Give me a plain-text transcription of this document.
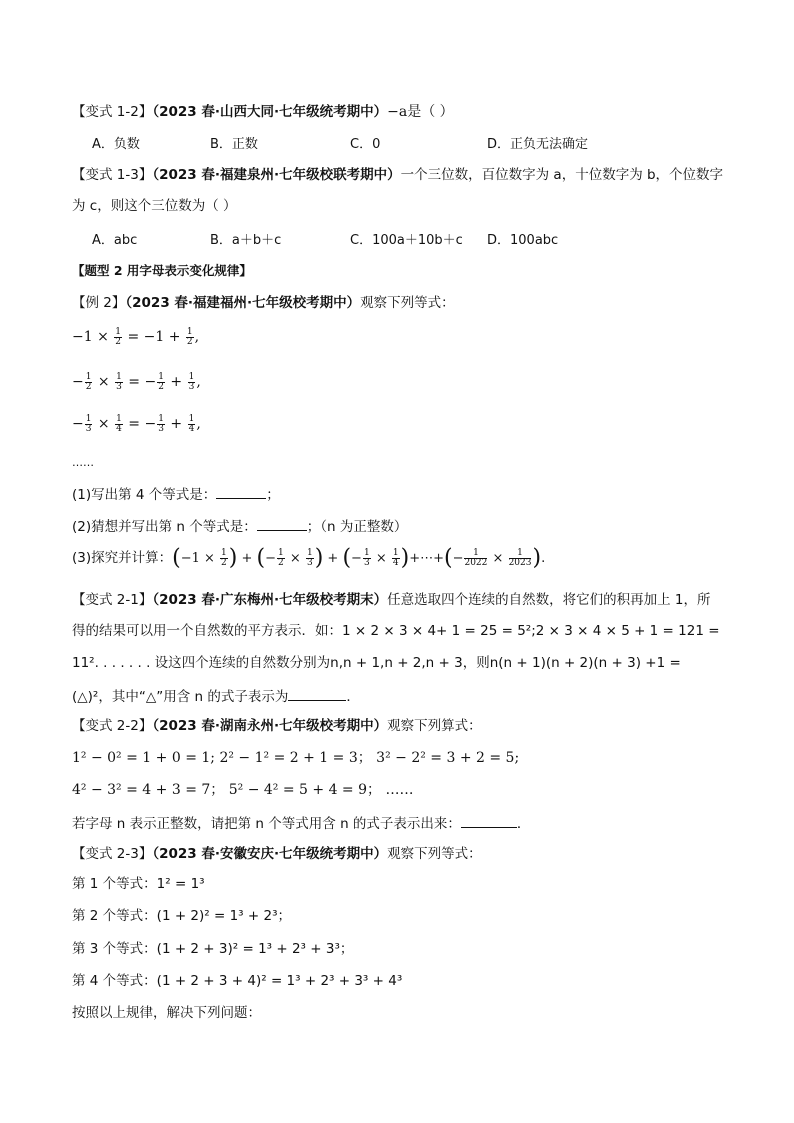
【变式 1-2】（2023 春·山西大同·七年级统考期中）−a是（ ）
A．负数	B．正数	C．0	D．正负无法确定
【变式 1-3】（2023 春·福建泉州·七年级校联考期中）一个三位数，百位数字为 a，十位数字为 b，个位数字
为 c，则这个三位数为（ ）
A．abc	B．a＋b＋c	C．100a＋10b＋c D．100abc
【题型 2 用字母表示变化规律】
【例 2】（2023 春·福建福州·七年级校考期中）观察下列等式：
$-1 \times \frac{1}{2} = -1 + \frac{1}{2}$ ,
− $\frac{1}{2} \times \frac{1}{3}$ = − $\frac{1}{2} + \frac{1}{3}$ ,
− $\frac{1}{3} \times \frac{1}{4}$ = − $\frac{1}{3} + \frac{1}{4}$ ,
……
(1)写出第 4 个等式是：	；
(2)猜想并写出第 n 个等式是：	；（n 为正整数）
(3)探究并计算：($-1 \times \frac{1}{2}$ ) + (− $\frac{1}{2} \times \frac{1}{3}$ ) + (− $\frac{1}{3} \times \frac{1}{4}$ )+⋯+(− $\frac{1}{2022} \times \frac{1}{2023}$ ).
【变式 2-1】（2023 春·广东梅州·七年级校考期末）任意选取四个连续的自然数，将它们的积再加上 1，所
得的结果可以用一个自然数的平方表示．如：1 × 2 × 3 × 4+ 1 = 25 = 5²;2 × 3 × 4 × 5 + 1 = 121 =
11². . . . . . . 设这四个连续的自然数分别为n,n + 1,n + 2,n + 3，则n(n + 1)(n + 2)(n + 3) +1 =
(△)²，其中“△”用含 n 的式子表示为	．
【变式 2-2】（2023 春·湖南永州·七年级校考期中）观察下列算式：
1² − 0² = 1 + 0 = 1; 2² − 1² = 2 + 1 = 3； 3² − 2² = 3 + 2 = 5;
4² − 3² = 4 + 3 = 7； 5² − 4² = 5 + 4 = 9； ……
若字母 n 表示正整数，请把第 n 个等式用含 n 的式子表示出来：	．
【变式 2-3】（2023 春·安徽安庆·七年级统考期中）观察下列等式：
第 1 个等式：1² = 1³
第 2 个等式：(1 + 2)² = 1³ + 2³；
第 3 个等式：(1 + 2 + 3)² = 1³ + 2³ + 3³；
第 4 个等式：(1 + 2 + 3 + 4)² = 1³ + 2³ + 3³ + 4³
按照以上规律，解决下列问题：
